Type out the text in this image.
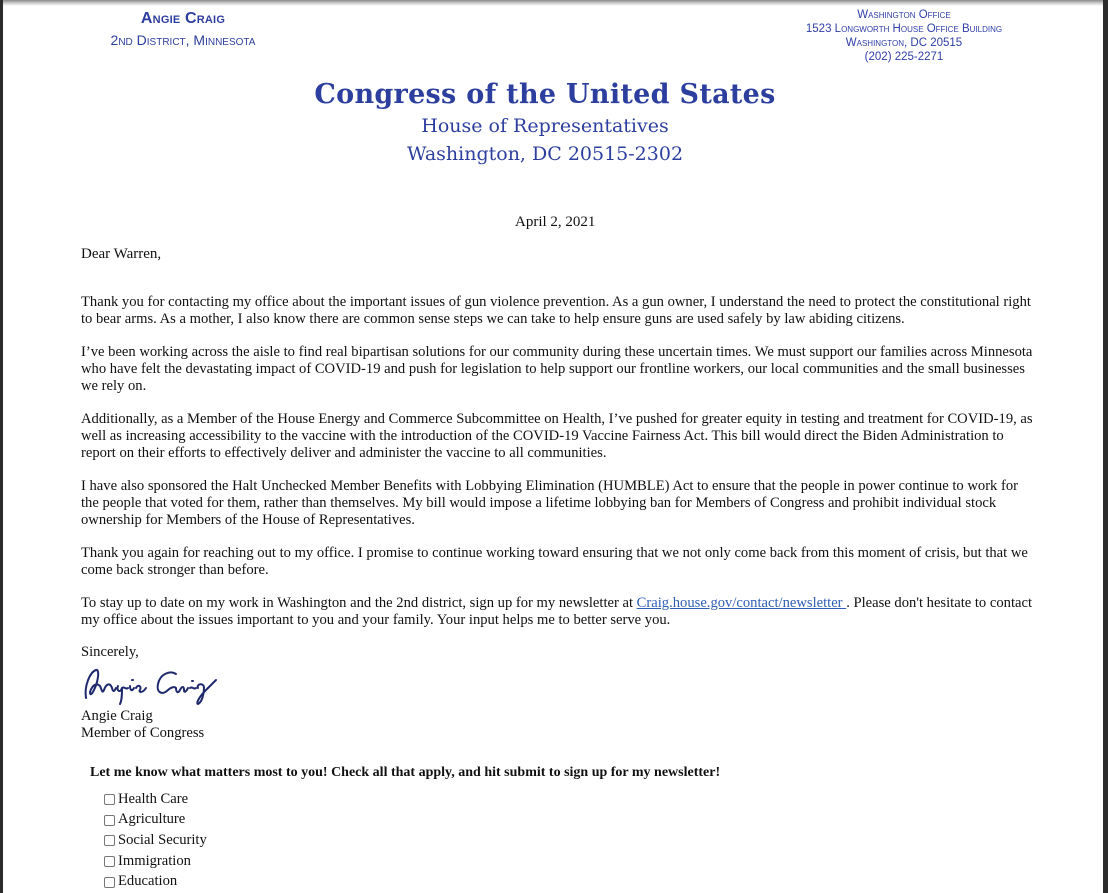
Angie Craig
2nd District, Minnesota
Washington Office
1523 Longworth House Office Building
Washington, DC 20515
(202) 225-2271
Congress of the United States
House of Representatives
Washington, DC 20515-2302
April 2, 2021
Dear Warren,
Thank you for contacting my office about the important issues of gun violence prevention. As a gun owner, I understand the need to protect the constitutional right to bear arms. As a mother, I also know there are common sense steps we can take to help ensure guns are used safely by law abiding citizens.
I’ve been working across the aisle to find real bipartisan solutions for our community during these uncertain times. We must support our families across Minnesota who have felt the devastating impact of COVID-19 and push for legislation to help support our frontline workers, our local communities and the small businesses we rely on.
Additionally, as a Member of the House Energy and Commerce Subcommittee on Health, I’ve pushed for greater equity in testing and treatment for COVID-19, as well as increasing accessibility to the vaccine with the introduction of the COVID-19 Vaccine Fairness Act. This bill would direct the Biden Administration to report on their efforts to effectively deliver and administer the vaccine to all communities.
I have also sponsored the Halt Unchecked Member Benefits with Lobbying Elimination (HUMBLE) Act to ensure that the people in power continue to work for the people that voted for them, rather than themselves. My bill would impose a lifetime lobbying ban for Members of Congress and prohibit individual stock ownership for Members of the House of Representatives.
Thank you again for reaching out to my office. I promise to continue working toward ensuring that we not only come back from this moment of crisis, but that we come back stronger than before.
To stay up to date on my work in Washington and the 2nd district, sign up for my newsletter at Craig.house.gov/contact/newsletter . Please don't hesitate to contact my office about the issues important to you and your family. Your input helps me to better serve you.
Sincerely,
Angie Craig
Member of Congress
Let me know what matters most to you! Check all that apply, and hit submit to sign up for my newsletter!
Health Care
Agriculture
Social Security
Immigration
Education
